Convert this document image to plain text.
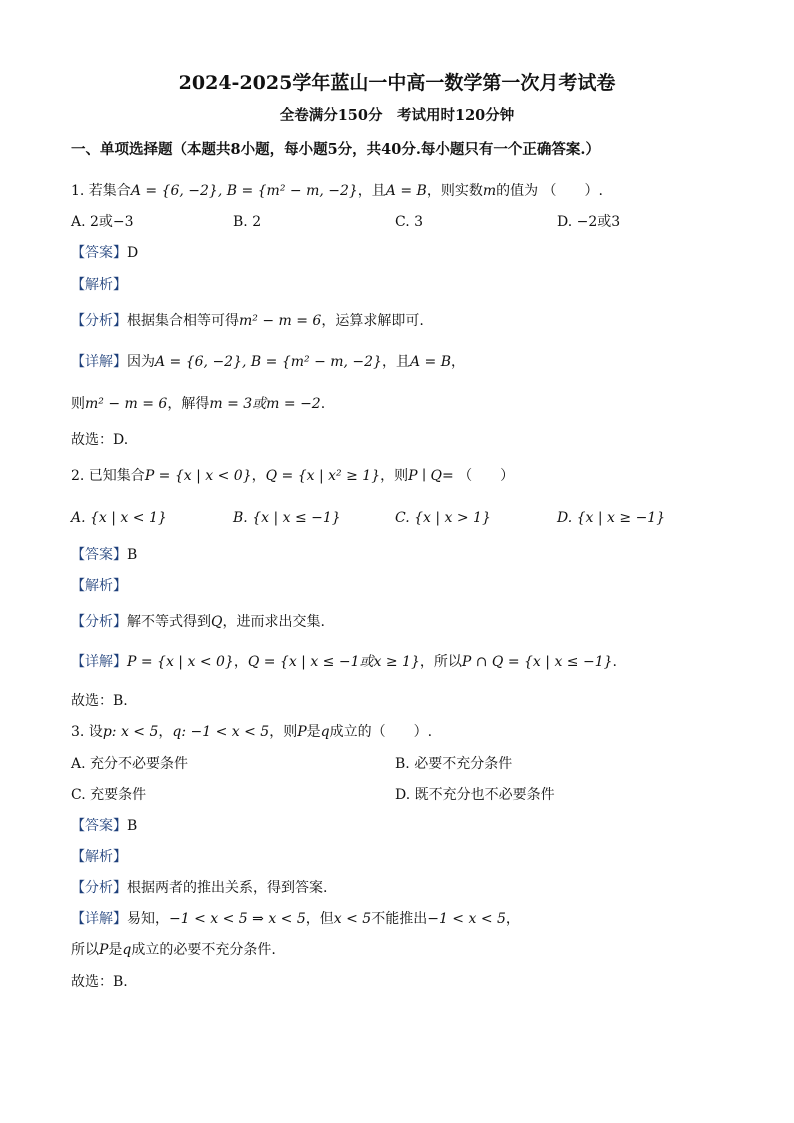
2024-2025学年蓝山一中高一数学第一次月考试卷
全卷满分150分　考试用时120分钟
一、单项选择题（本题共8小题，每小题5分，共40分.每小题只有一个正确答案.）
1. 若集合A = {6, −2}, B = {m² − m, −2}，且A = B，则实数m的值为 （　　）.
A. 2或−3	B. 2	C. 3	D. −2或3
【答案】D
【解析】
【分析】根据集合相等可得m² − m = 6，运算求解即可.
【详解】因为A = {6, −2}, B = {m² − m, −2}，且A = B，
则m² − m = 6，解得m = 3或m = −2.
故选：D.
2. 已知集合P = {x | x < 0}，Q = {x | x² ≥ 1}，则P ∣ Q= （　　）
A. {x | x < 1}	B. {x | x ≤ −1}	C. {x | x > 1}	D. {x | x ≥ −1}
【答案】B
【解析】
【分析】解不等式得到Q，进而求出交集.
【详解】P = {x | x < 0}，Q = {x | x ≤ −1或x ≥ 1}，所以P ∩ Q = {x | x ≤ −1}.
故选：B.
3. 设p: x < 5，q: −1 < x < 5，则P是q成立的（　　）.
A. 充分不必要条件	B. 必要不充分条件
C. 充要条件	D. 既不充分也不必要条件
【答案】B
【解析】
【分析】根据两者的推出关系，得到答案.
【详解】易知，−1 < x < 5 ⇒ x < 5，但x < 5不能推出−1 < x < 5，
所以P是q成立的必要不充分条件.
故选：B.
